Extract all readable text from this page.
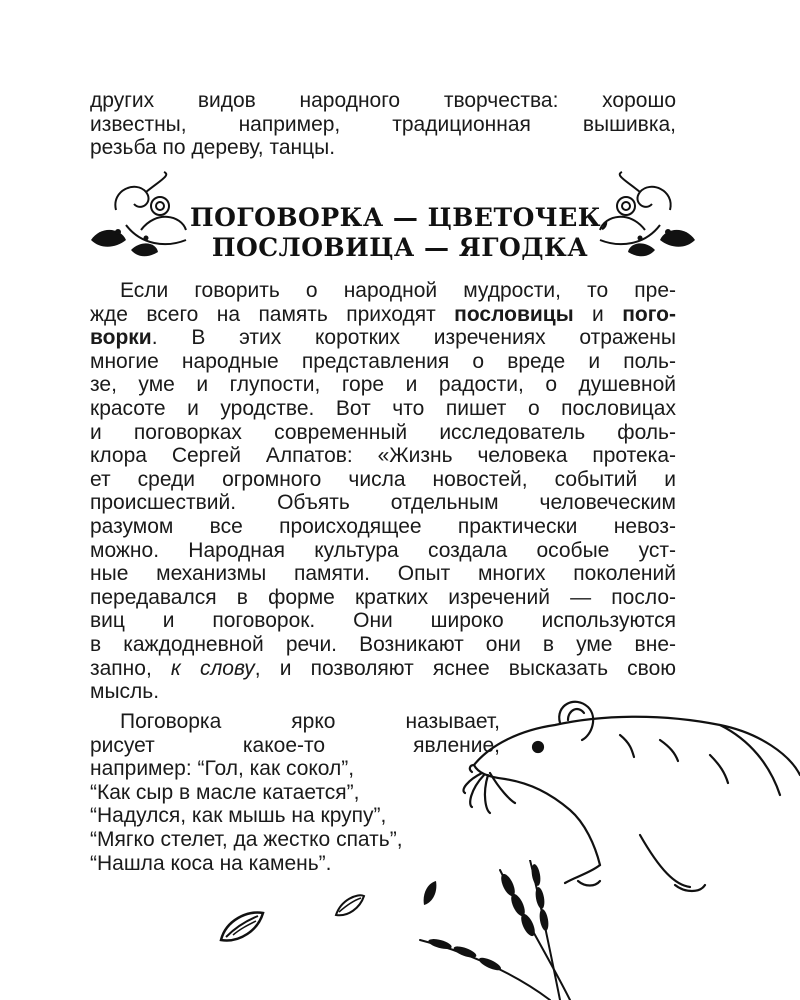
других видов народного творчества: хорошо
известны, например, традиционная вышивка,
резьба по дереву, танцы.
ПОГОВОРКА — ЦВЕТОЧЕК,
ПОСЛОВИЦА — ЯГОДКА
Если говорить о народной мудрости, то пре-
жде всего на память приходят пословицы и пого-
ворки. В этих коротких изречениях отражены
многие народные представления о вреде и поль-
зе, уме и глупости, горе и радости, о душевной
красоте и уродстве. Вот что пишет о пословицах
и поговорках современный исследователь фоль-
клора Сергей Алпатов: «Жизнь человека протека-
ет среди огромного числа новостей, событий и
происшествий. Объять отдельным человеческим
разумом все происходящее практически невоз-
можно. Народная культура создала особые уст-
ные механизмы памяти. Опыт многих поколений
передавался в форме кратких изречений — посло-
виц и поговорок. Они широко используются
в каждодневной речи. Возникают они в уме вне-
запно, к слову, и позволяют яснее высказать свою
мысль.
Поговорка ярко называет,
рисует какое-то явление,
например: “Гол, как сокол”,
“Как сыр в масле катается”,
“Надулся, как мышь на крупу”,
“Мягко стелет, да жестко спать”,
“Нашла коса на камень”.
